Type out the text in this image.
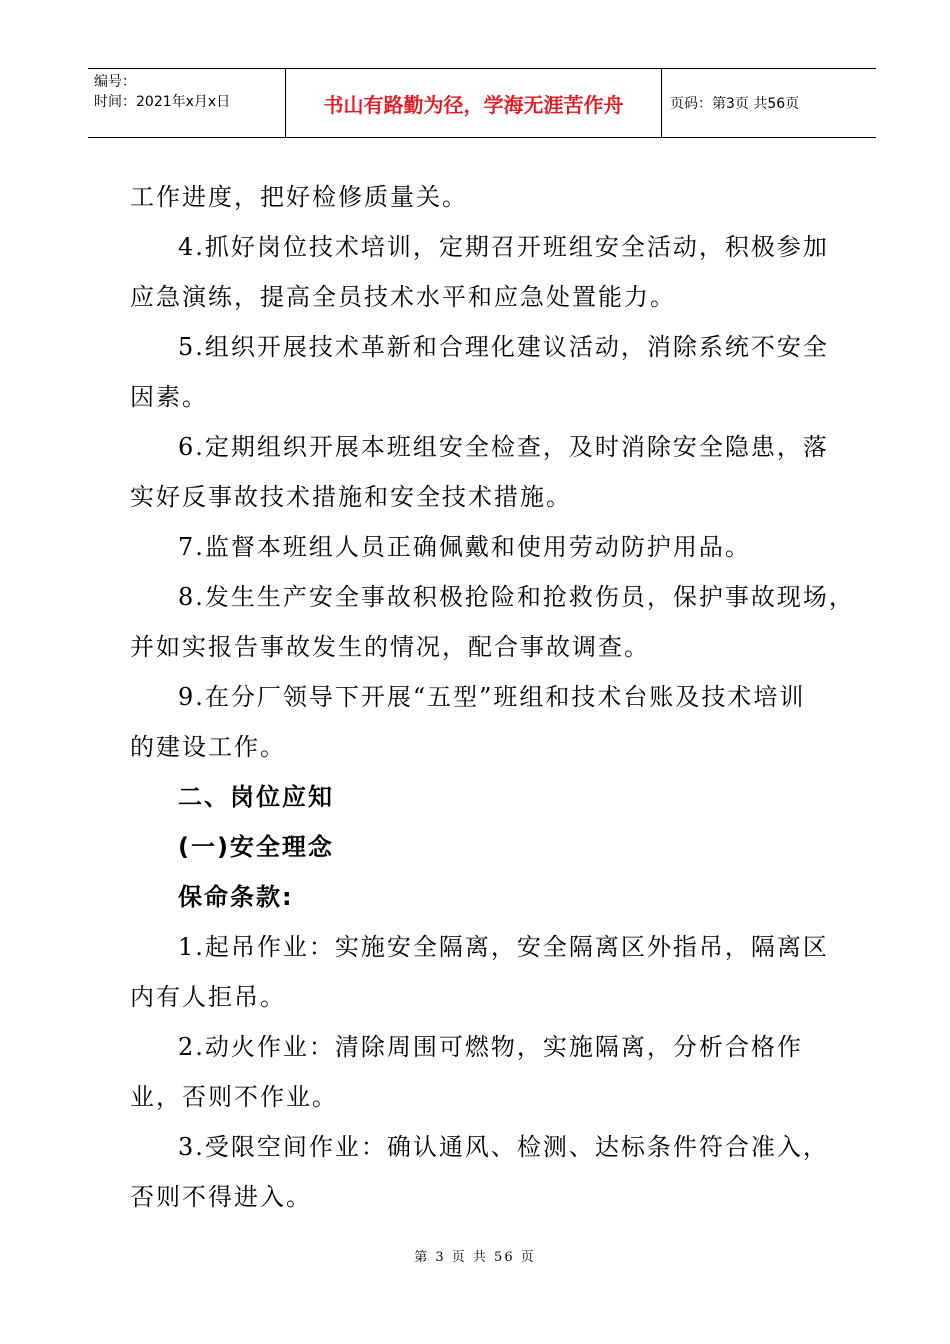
编号：
时间：2021年x月x日	书山有路勤为径，学海无涯苦作舟	页码：第3页 共56页

工作进度，把好检修质量关。

4.抓好岗位技术培训，定期召开班组安全活动，积极参加

应急演练，提高全员技术水平和应急处置能力。

5.组织开展技术革新和合理化建议活动，消除系统不安全

因素。

6.定期组织开展本班组安全检查，及时消除安全隐患，落

实好反事故技术措施和安全技术措施。

7.监督本班组人员正确佩戴和使用劳动防护用品。

8.发生生产安全事故积极抢险和抢救伤员，保护事故现场，

并如实报告事故发生的情况，配合事故调查。

9.在分厂领导下开展“五型”班组和技术台账及技术培训

的建设工作。

二、岗位应知

(一)安全理念

保命条款:

1.起吊作业：实施安全隔离，安全隔离区外指吊，隔离区

内有人拒吊。

2.动火作业：清除周围可燃物，实施隔离，分析合格作

业，否则不作业。

3.受限空间作业：确认通风、检测、达标条件符合准入，

否则不得进入。

第 3 页 共 56 页
